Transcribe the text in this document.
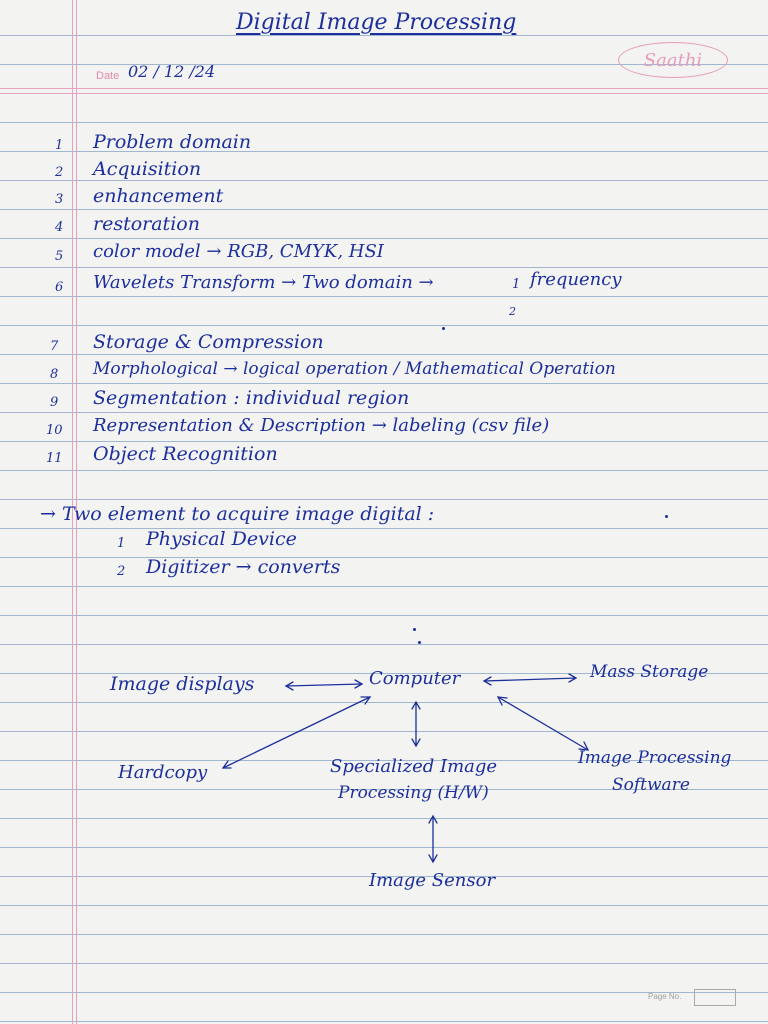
Digital Image Processing
Date 02 / 12 /24
Saathi
1 Problem domain
2 Acquisition
3 enhancement
4 restoration
5 color model → RGB, CMYK, HSI
6 Wavelets Transform → Two domain →	1 frequency
2
7 Storage & Compression
8 Morphological → logical operation / Mathematical Operation
9 Segmentation : individual region
10 Representation & Description → labeling (csv file)
11 Object Recognition
→ Two element to acquire image digital :
1 Physical Device
2 Digitizer → converts
Image displays	Computer	Mass Storage
Hardcopy	Specialized Image
Processing (H/W)
Image Processing
Software
Image Sensor
Page No.
